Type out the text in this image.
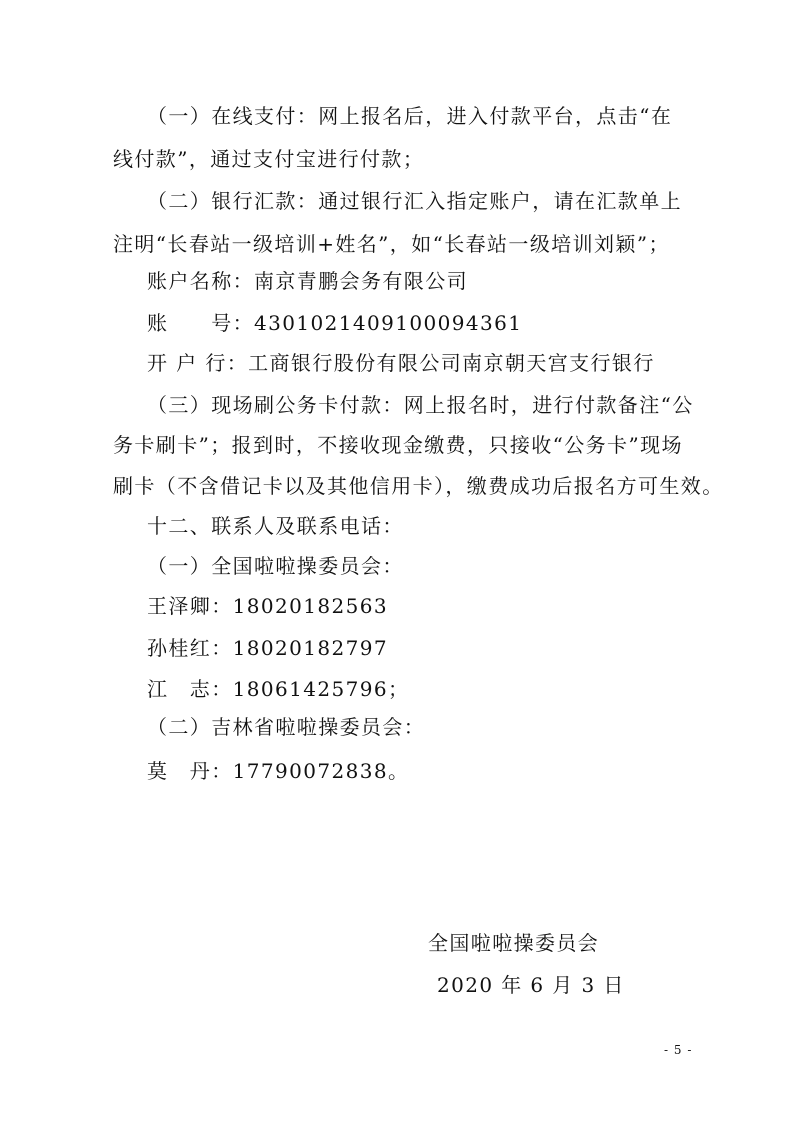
（一）在线支付：网上报名后，进入付款平台，点击“在
线付款”，通过支付宝进行付款；
（二）银行汇款：通过银行汇入指定账户，请在汇款单上
注明“长春站一级培训+姓名”，如“长春站一级培训刘颖”；
账户名称：南京青鹏会务有限公司
账　　号：4301021409100094361
开 户 行：工商银行股份有限公司南京朝天宫支行银行
（三）现场刷公务卡付款：网上报名时，进行付款备注“公
务卡刷卡”；报到时，不接收现金缴费，只接收“公务卡”现场
刷卡（不含借记卡以及其他信用卡），缴费成功后报名方可生效。
十二、联系人及联系电话：
（一）全国啦啦操委员会：
王泽卿：18020182563
孙桂红：18020182797
江　志：18061425796；
（二）吉林省啦啦操委员会：
莫　丹：17790072838。
全国啦啦操委员会
2020 年 6 月 3 日
- 5 -
